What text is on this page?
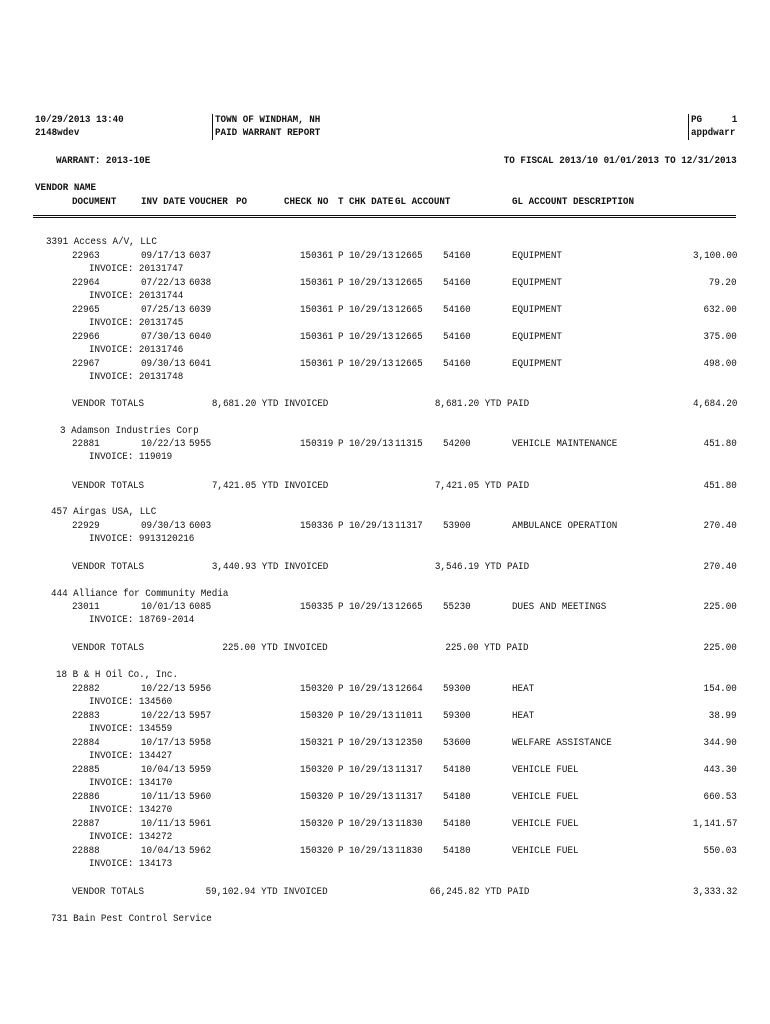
10/29/2013 13:40
2148wdev
TOWN OF WINDHAM, NH
PAID WARRANT REPORT
PG	1
appdwarr
WARRANT: 2013-10E	TO FISCAL 2013/10 01/01/2013 TO 12/31/2013
VENDOR NAME
DOCUMENT INV DATE VOUCHER PO	CHECK NO T CHK DATE GL ACCOUNT	GL ACCOUNT DESCRIPTION
3391 Access A/V, LLC
22963	09/17/13 6037	150361 P 10/29/13 12665 54160	EQUIPMENT	3,100.00
INVOICE: 20131747
22964	07/22/13 6038	150361 P 10/29/13 12665 54160	EQUIPMENT	79.20
INVOICE: 20131744
22965	07/25/13 6039	150361 P 10/29/13 12665 54160	EQUIPMENT	632.00
INVOICE: 20131745
22966	07/30/13 6040	150361 P 10/29/13 12665 54160	EQUIPMENT	375.00
INVOICE: 20131746
22967	09/30/13 6041	150361 P 10/29/13 12665 54160	EQUIPMENT	498.00
INVOICE: 20131748
VENDOR TOTALS	8,681.20 YTD INVOICED	8,681.20 YTD PAID	4,684.20
3 Adamson Industries Corp
22881	10/22/13 5955	150319 P 10/29/13 11315 54200	VEHICLE MAINTENANCE	451.80
INVOICE: 119019
VENDOR TOTALS	7,421.05 YTD INVOICED	7,421.05 YTD PAID	451.80
457 Airgas USA, LLC
22929	09/30/13 6003	150336 P 10/29/13 11317 53900	AMBULANCE OPERATION	270.40
INVOICE: 9913120216
VENDOR TOTALS	3,440.93 YTD INVOICED	3,546.19 YTD PAID	270.40
444 Alliance for Community Media
23011	10/01/13 6085	150335 P 10/29/13 12665 55230	DUES AND MEETINGS	225.00
INVOICE: 18769-2014
VENDOR TOTALS	225.00 YTD INVOICED	225.00 YTD PAID	225.00
18 B & H Oil Co., Inc.
22882	10/22/13 5956	150320 P 10/29/13 12664 59300	HEAT	154.00
INVOICE: 134560
22883	10/22/13 5957	150320 P 10/29/13 11011 59300	HEAT	38.99
INVOICE: 134559
22884	10/17/13 5958	150321 P 10/29/13 12350 53600	WELFARE ASSISTANCE	344.90
INVOICE: 134427
22885	10/04/13 5959	150320 P 10/29/13 11317 54180	VEHICLE FUEL	443.30
INVOICE: 134170
22886	10/11/13 5960	150320 P 10/29/13 11317 54180	VEHICLE FUEL	660.53
INVOICE: 134270
22887	10/11/13 5961	150320 P 10/29/13 11830 54180	VEHICLE FUEL	1,141.57
INVOICE: 134272
22888	10/04/13 5962	150320 P 10/29/13 11830 54180	VEHICLE FUEL	550.03
INVOICE: 134173
VENDOR TOTALS	59,102.94 YTD INVOICED	66,245.82 YTD PAID	3,333.32
731 Bain Pest Control Service
